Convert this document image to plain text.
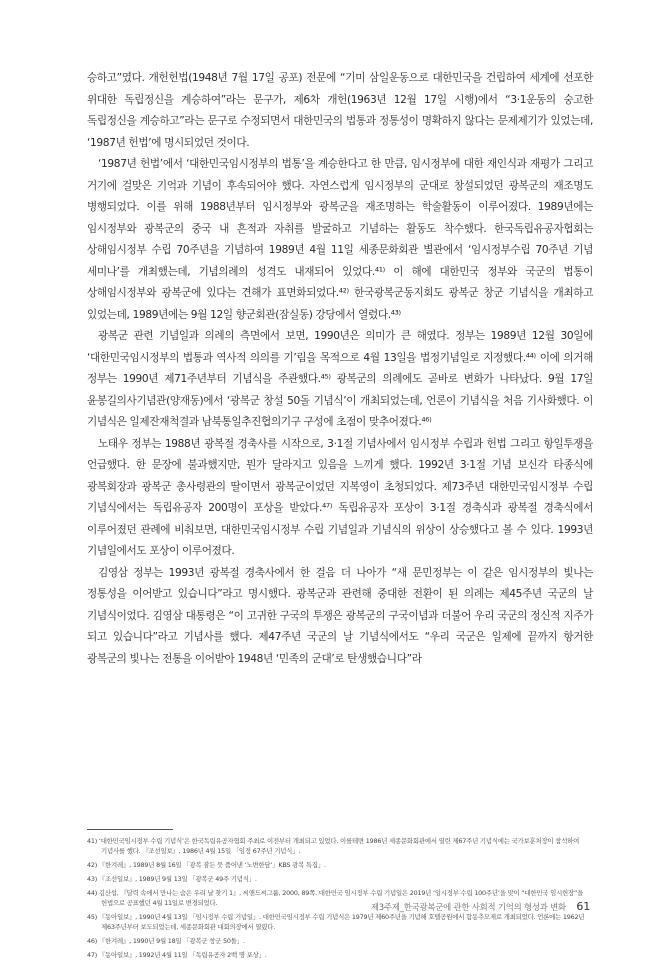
승하고”였다. 개헌헌법(1948년 7월 17일 공포) 전문에 “기미 삼일운동으로 대한민국을 건립하여 세계에 선포한 위대한 독립정신을 계승하여”라는 문구가, 제6차 개헌(1963년 12월 17일 시행)에서 “3·1운동의 숭고한 독립정신을 계승하고”라는 문구로 수정되면서 대한민국의 법통과 정통성이 명확하지 않다는 문제제기가 있었는데, ‘1987년 헌법’에 명시되었던 것이다.

‘1987년 헌법’에서 ‘대한민국임시정부의 법통’을 계승한다고 한 만큼, 임시정부에 대한 재인식과 재평가 그리고 거기에 걸맞은 기억과 기념이 후속되어야 했다. 자연스럽게 임시정부의 군대로 창설되었던 광복군의 재조명도 병행되었다. 이를 위해 1988년부터 임시정부와 광복군을 재조명하는 학술활동이 이루어졌다. 1989년에는 임시정부와 광복군의 중국 내 흔적과 자취를 발굴하고 기념하는 활동도 착수했다. 한국독립유공자협회는 상해임시정부 수립 70주년을 기념하여 1989년 4월 11일 세종문화회관 별관에서 ‘임시정부수립 70주년 기념 세미나’를 개최했는데, 기념의례의 성격도 내재되어 있었다.⁴¹⁾ 이 해에 대한민국 정부와 국군의 법통이 상해임시정부와 광복군에 있다는 견해가 표면화되었다.⁴²⁾ 한국광복군동지회도 광복군 창군 기념식을 개최하고 있었는데, 1989년에는 9월 12일 향군회관(잠실동) 강당에서 열렸다.⁴³⁾

광복군 관련 기념일과 의례의 측면에서 보면, 1990년은 의미가 큰 해였다. 정부는 1989년 12월 30일에 ‘대한민국임시정부의 법통과 역사적 의의를 기’림을 목적으로 4월 13일을 법정기념일로 지정했다.⁴⁴⁾ 이에 의거해 정부는 1990년 제71주년부터 기념식을 주관했다.⁴⁵⁾ 광복군의 의례에도 곧바로 변화가 나타났다. 9월 17일 윤봉길의사기념관(양재동)에서 ‘광복군 창설 50돌 기념식’이 개최되었는데, 언론이 기념식을 처음 기사화했다. 이 기념식은 일제잔재척결과 남북통일추진협의기구 구성에 초점이 맞추어졌다.⁴⁶⁾

노태우 정부는 1988년 광복절 경축사를 시작으로, 3·1절 기념사에서 임시정부 수립과 헌법 그리고 항일투쟁을 언급했다. 한 문장에 불과했지만, 뭔가 달라지고 있음을 느끼게 했다. 1992년 3·1절 기념 보신각 타종식에 광복회장과 광복군 총사령관의 딸이면서 광복군이었던 지복영이 초청되었다. 제73주년 대한민국임시정부 수립 기념식에서는 독립유공자 200명이 포상을 받았다.⁴⁷⁾ 독립유공자 포상이 3·1절 경축식과 광복절 경축식에서 이루어졌던 관례에 비춰보면, 대한민국임시정부 수립 기념일과 기념식의 위상이 상승했다고 볼 수 있다. 1993년 기념일에서도 포상이 이루어졌다.

김영삼 정부는 1993년 광복절 경축사에서 한 걸음 더 나아가 “새 문민정부는 이 같은 임시정부의 빛나는 정통성을 이어받고 있습니다”라고 명시했다. 광복군과 관련해 중대한 전환이 된 의례는 제45주년 국군의 날 기념식이었다. 김영삼 대통령은 “이 고귀한 구국의 투쟁은 광복군의 구국이념과 더불어 우리 국군의 정신적 지주가 되고 있습니다”라고 기념사를 했다. 제47주년 국군의 날 기념식에서도 “우리 국군은 일제에 끝까지 항거한 광복군의 빛나는 전통을 이어받아 1948년 ‘민족의 군대’로 탄생했습니다”라

41) ‘대한민국임시정부 수립 기념식’은 한국독립유공자협회 주최로 이전부터 개최되고 있었다. 이를테면 1986년 세종문화회관에서 열린 제67주년 기념식에는 국가보훈처장이 참석하여 기념사를 했다. 『조선일보』, 1986년 4월 15일 「임정 67주년 기념식」.

42) 『한겨레』, 1989년 8월 16일 「광복 잠든 뭇 품어낸 ‘노변한담’」KBS 광복 특집」.

43) 『조선일보』, 1989년 9월 13일 「광복군 49주 기념식」.

44) 김산섭, 『달력 속에서 만나는 숨은 우리 날 찾기 1』, 씨앤드씨그룹, 2000, 89쪽. 대한민국 임시정부 수립 기념일은 2019년 ‘임시정부 수립 100주년’을 맞이 “대한민국 임시헌장”을 헌법으로 공표했던 4월 11일로 변경되었다.

45) 『동아일보』, 1990년 4월 13일 「임시정부 수립 기념일」. 대한민국임시정부 수립 기념식은 1979년 제60주년을 기념해 호텔공원에서 합동추모제로 개최되었다. 언론에는 1962년 제63주년부터 보도되었는데, 세종문화회관 대회의장에서 열렸다.

46) 『한겨레』, 1990년 9월 18일 「광복군 창군 50돌」.

47) 『동아일보』, 1992년 4월 11일 「독립유공자 2백 명 포상」.

제3주제_한국광복군에 관한 사회적 기억의 형성과 변화 61
